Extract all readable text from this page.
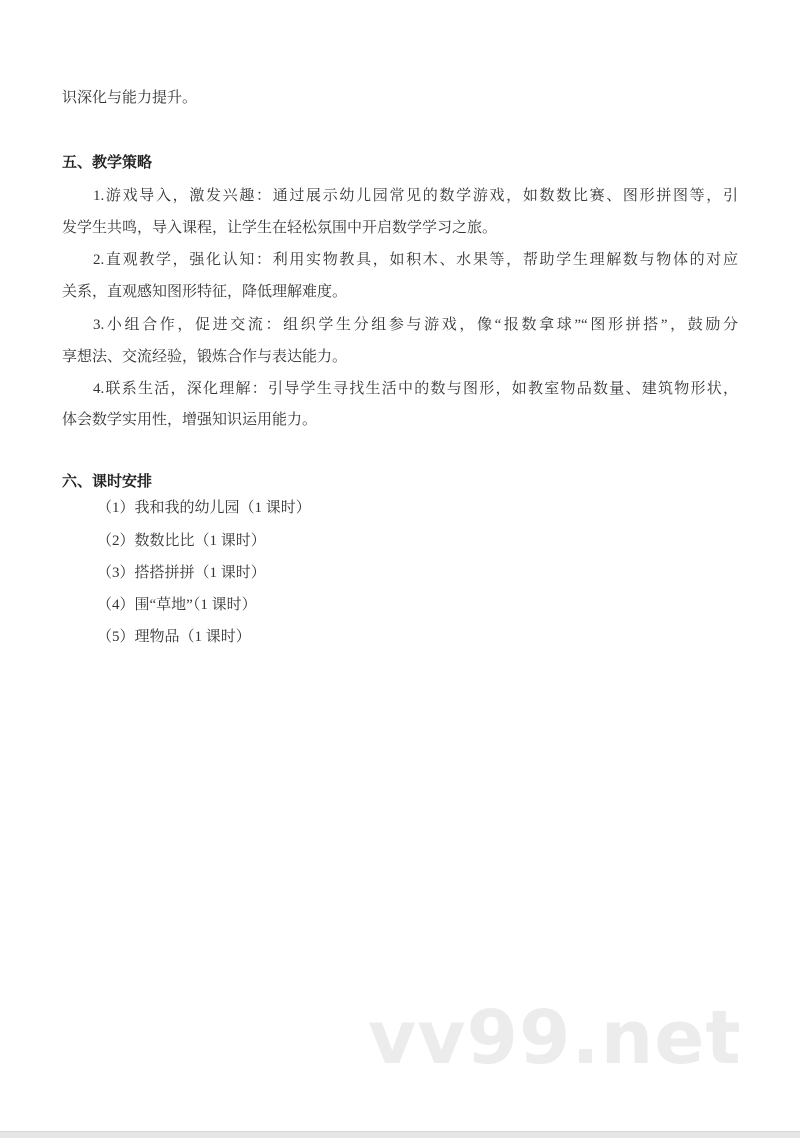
识深化与能力提升。
五、教学策略
1.游戏导入，激发兴趣：通过展示幼儿园常见的数学游戏，如数数比赛、图形拼图等，引
发学生共鸣，导入课程，让学生在轻松氛围中开启数学学习之旅。
2.直观教学，强化认知：利用实物教具，如积木、水果等，帮助学生理解数与物体的对应
关系，直观感知图形特征，降低理解难度。
3.小组合作，促进交流：组织学生分组参与游戏，像“报数拿球”“图形拼搭”，鼓励分
享想法、交流经验，锻炼合作与表达能力。
4.联系生活，深化理解：引导学生寻找生活中的数与图形，如教室物品数量、建筑物形状，
体会数学实用性，增强知识运用能力。
六、课时安排
（1）我和我的幼儿园（1 课时）
（2）数数比比（1 课时）
（3）搭搭拼拼（1 课时）
（4）围“草地”（1 课时）
（5）理物品（1 课时）
vv99.net
